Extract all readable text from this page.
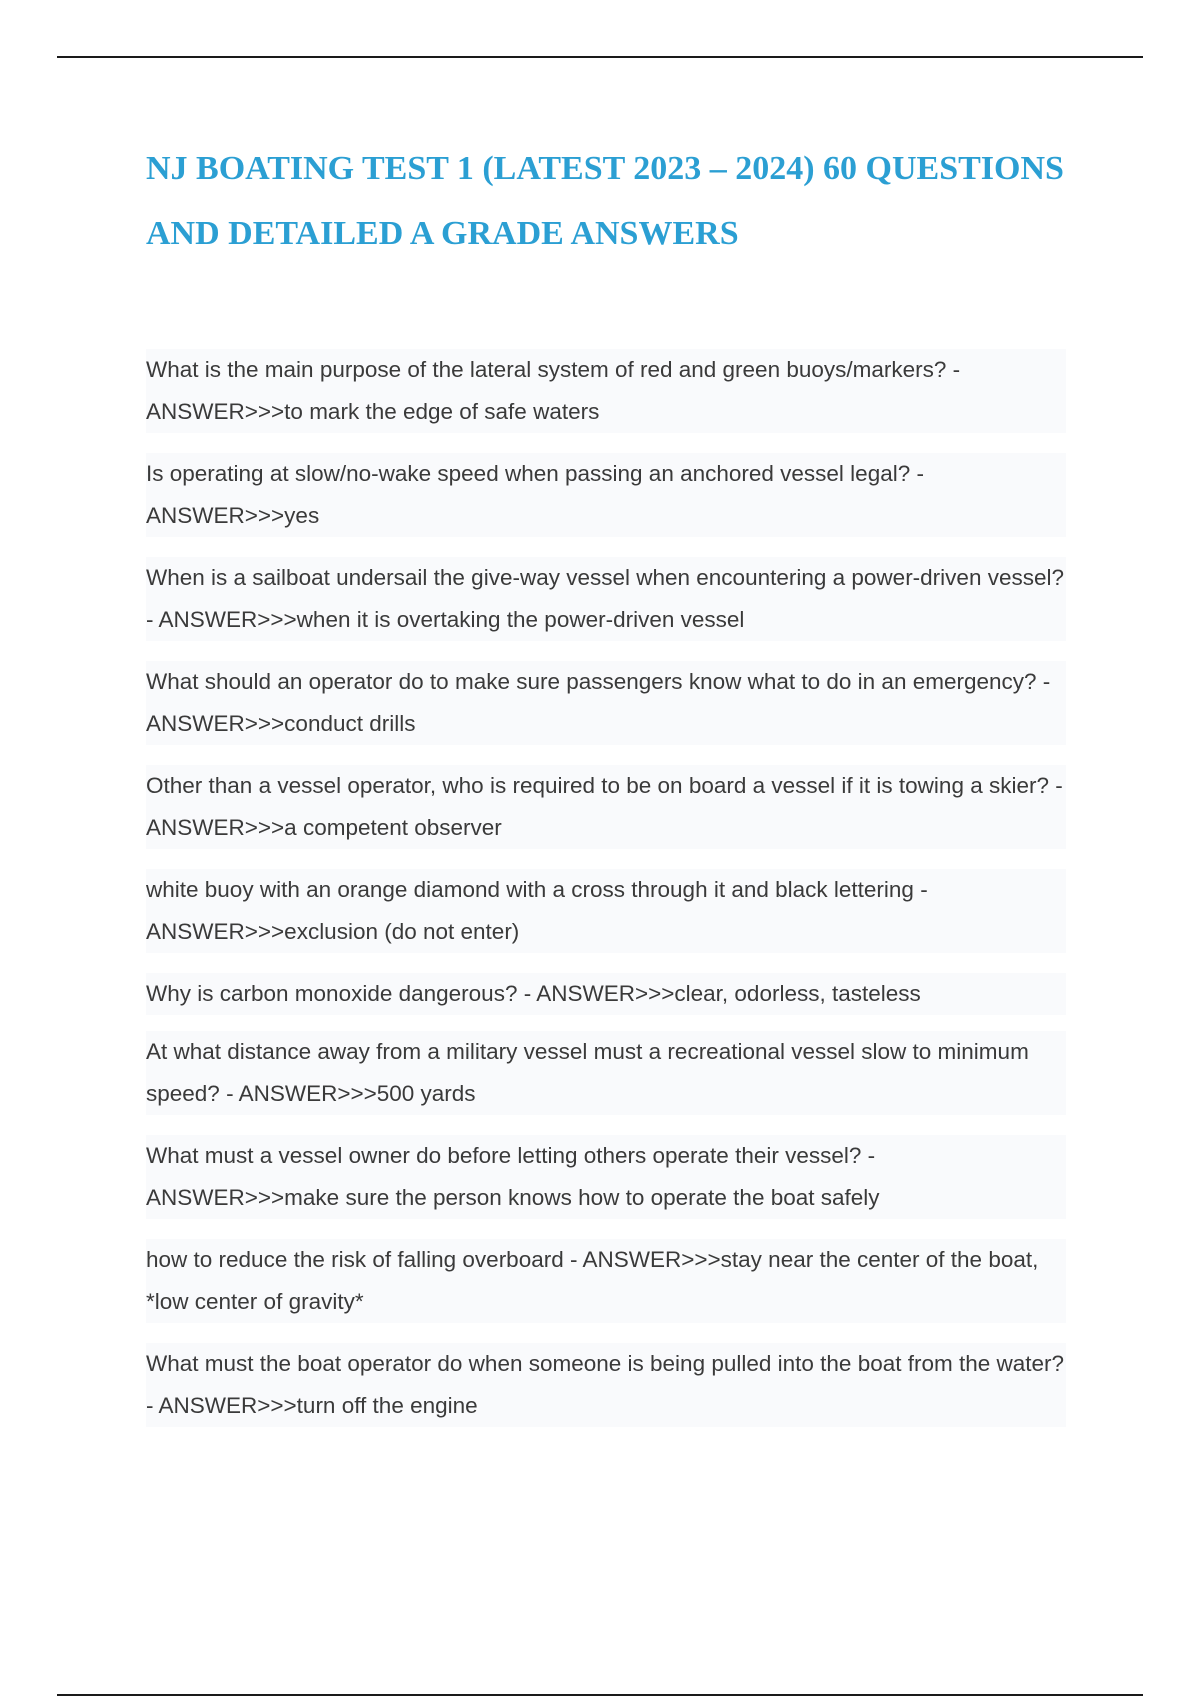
NJ BOATING TEST 1 (LATEST 2023 – 2024) 60 QUESTIONS AND DETAILED A GRADE ANSWERS
What is the main purpose of the lateral system of red and green buoys/markers? - ANSWER>>>to mark the edge of safe waters
Is operating at slow/no-wake speed when passing an anchored vessel legal? - ANSWER>>>yes
When is a sailboat undersail the give-way vessel when encountering a power-driven vessel? - ANSWER>>>when it is overtaking the power-driven vessel
What should an operator do to make sure passengers know what to do in an emergency? - ANSWER>>>conduct drills
Other than a vessel operator, who is required to be on board a vessel if it is towing a skier? - ANSWER>>>a competent observer
white buoy with an orange diamond with a cross through it and black lettering - ANSWER>>>exclusion (do not enter)
Why is carbon monoxide dangerous? - ANSWER>>>clear, odorless, tasteless
At what distance away from a military vessel must a recreational vessel slow to minimum speed? - ANSWER>>>500 yards
What must a vessel owner do before letting others operate their vessel? - ANSWER>>>make sure the person knows how to operate the boat safely
how to reduce the risk of falling overboard - ANSWER>>>stay near the center of the boat, *low center of gravity*
What must the boat operator do when someone is being pulled into the boat from the water? - ANSWER>>>turn off the engine
